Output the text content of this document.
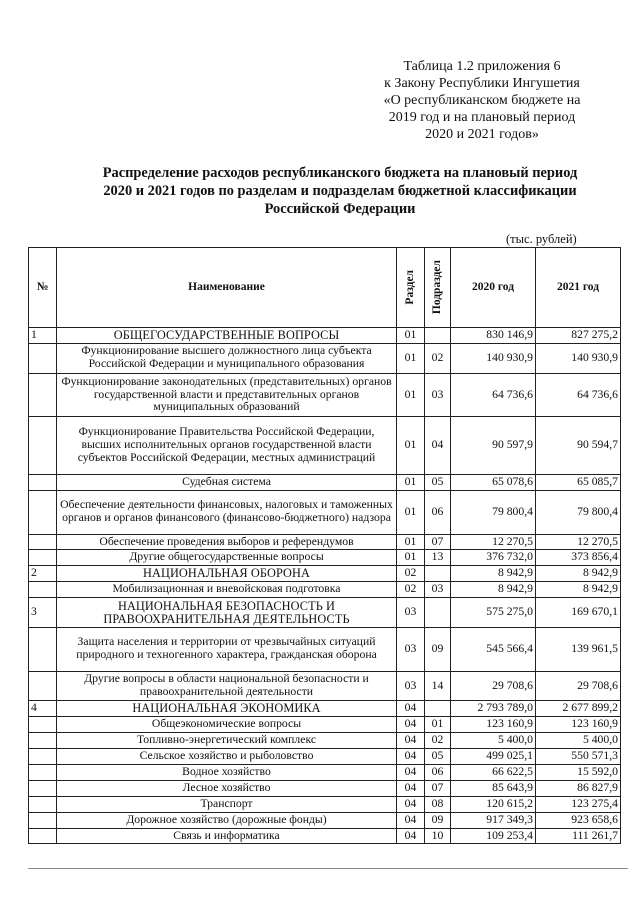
Таблица 1.2 приложения 6
к Закону Республики Ингушетия
«О республиканском бюджете на
2019 год и на плановый период
2020 и 2021 годов»
Распределение расходов республиканского бюджета на плановый период
2020 и 2021 годов по разделам и подразделам бюджетной классификации
Российской Федерации
(тыс. рублей)
№	Наименование	Раздел	Подраздел	2020 год	2021 год
1	ОБЩЕГОСУДАРСТВЕННЫЕ ВОПРОСЫ	01		830 146,9	827 275,2
	Функционирование высшего должностного лица субъекта Российской Федерации и муниципального образования	01	02	140 930,9	140 930,9
	Функционирование законодательных (представительных) органов государственной власти и представительных органов муниципальных образований	01	03	64 736,6	64 736,6
	Функционирование Правительства Российской Федерации, высших исполнительных органов государственной власти субъектов Российской Федерации, местных администраций	01	04	90 597,9	90 594,7
	Судебная система	01	05	65 078,6	65 085,7
	Обеспечение деятельности финансовых, налоговых и таможенных органов и органов финансового (финансово-бюджетного) надзора	01	06	79 800,4	79 800,4
	Обеспечение проведения выборов и референдумов	01	07	12 270,5	12 270,5
	Другие общегосударственные вопросы	01	13	376 732,0	373 856,4
2	НАЦИОНАЛЬНАЯ ОБОРОНА	02		8 942,9	8 942,9
	Мобилизационная и вневойсковая подготовка	02	03	8 942,9	8 942,9
3	НАЦИОНАЛЬНАЯ БЕЗОПАСНОСТЬ И ПРАВООХРАНИТЕЛЬНАЯ ДЕЯТЕЛЬНОСТЬ	03		575 275,0	169 670,1
	Защита населения и территории от чрезвычайных ситуаций природного и техногенного характера, гражданская оборона	03	09	545 566,4	139 961,5
	Другие вопросы в области национальной безопасности и правоохранительной деятельности	03	14	29 708,6	29 708,6
4	НАЦИОНАЛЬНАЯ ЭКОНОМИКА	04		2 793 789,0	2 677 899,2
	Общеэкономические вопросы	04	01	123 160,9	123 160,9
	Топливно-энергетический комплекс	04	02	5 400,0	5 400,0
	Сельское хозяйство и рыболовство	04	05	499 025,1	550 571,3
	Водное хозяйство	04	06	66 622,5	15 592,0
	Лесное хозяйство	04	07	85 643,9	86 827,9
	Транспорт	04	08	120 615,2	123 275,4
	Дорожное хозяйство (дорожные фонды)	04	09	917 349,3	923 658,6
	Связь и информатика	04	10	109 253,4	111 261,7
